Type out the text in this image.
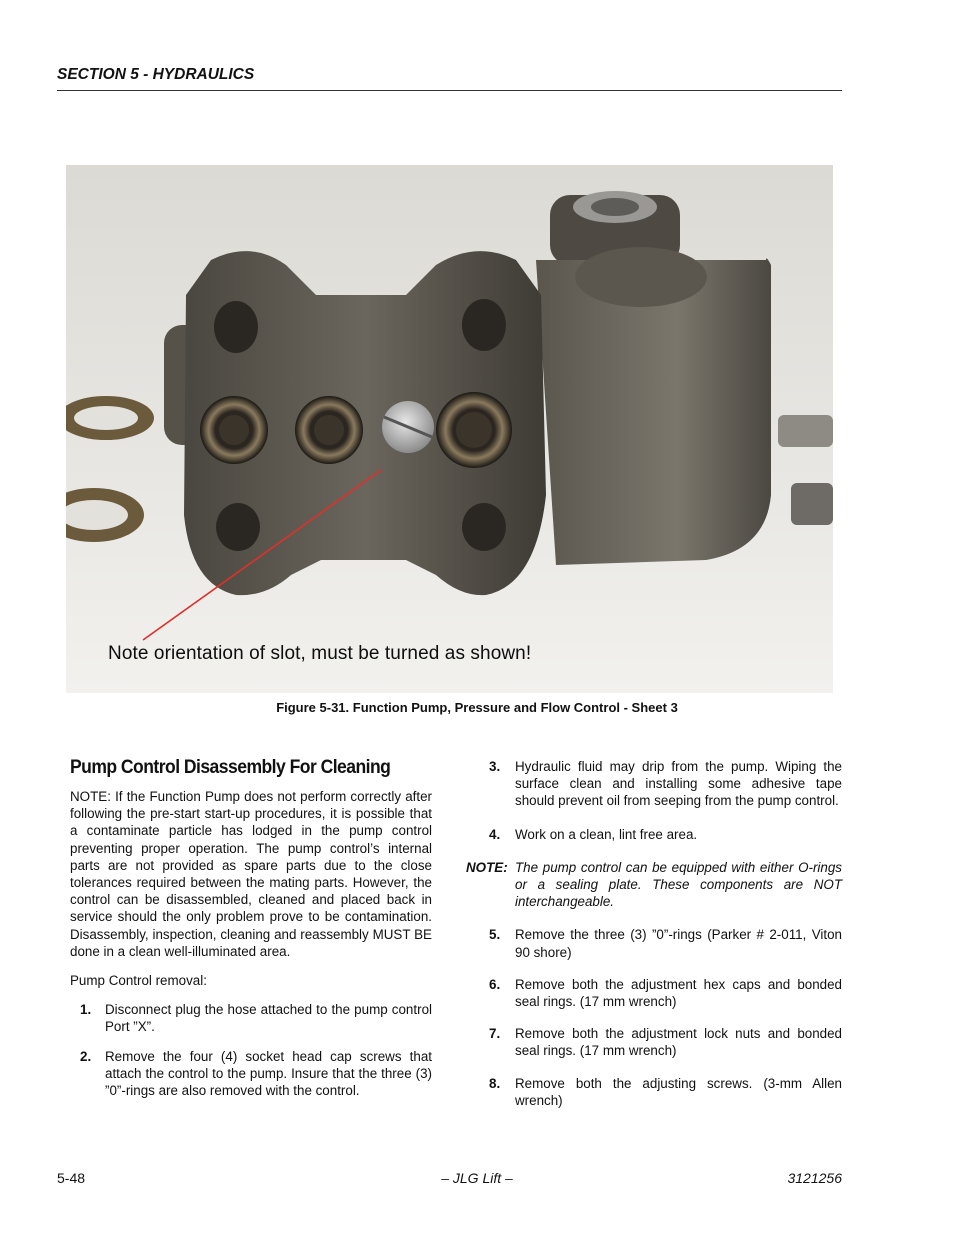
SECTION 5 - HYDRAULICS
Note orientation of slot, must be turned as shown!
Figure 5-31. Function Pump, Pressure and Flow Control - Sheet 3
Pump Control Disassembly For Cleaning

NOTE: If the Function Pump does not perform correctly after following the pre-start start-up procedures, it is possible that a contaminate particle has lodged in the pump control preventing proper operation. The pump control’s internal parts are not provided as spare parts due to the close tolerances required between the mating parts. However, the control can be disassembled, cleaned and placed back in service should the only problem prove to be contamination. Disassembly, inspection, cleaning and reassembly MUST BE done in a clean well-illuminated area.

Pump Control removal:

1. Disconnect plug the hose attached to the pump control Port ”X”.
2. Remove the four (4) socket head cap screws that attach the control to the pump. Insure that the three (3) ”0”-rings are also removed with the control.
3. Hydraulic fluid may drip from the pump. Wiping the surface clean and installing some adhesive tape should prevent oil from seeping from the pump control.
4. Work on a clean, lint free area.
NOTE: The pump control can be equipped with either O-rings or a sealing plate. These components are NOT interchangeable.
5. Remove the three (3) ”0”-rings (Parker # 2-011, Viton 90 shore)
6. Remove both the adjustment hex caps and bonded seal rings. (17 mm wrench)
7. Remove both the adjustment lock nuts and bonded seal rings. (17 mm wrench)
8. Remove both the adjusting screws. (3-mm Allen wrench)
5-48	– JLG Lift –	3121256
